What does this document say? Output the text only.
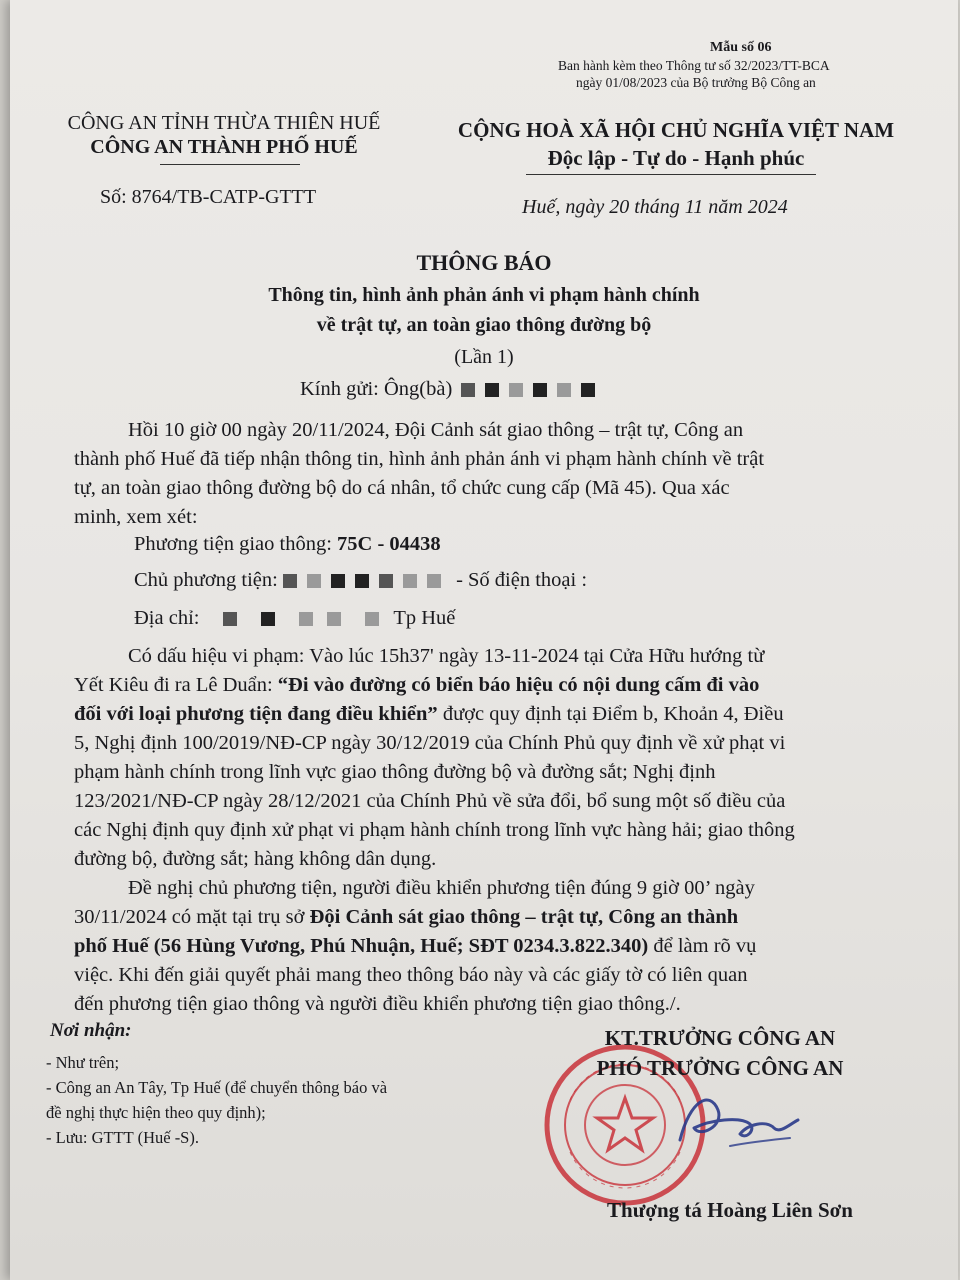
Mẫu số 06
Ban hành kèm theo Thông tư số 32/2023/TT-BCA
ngày 01/08/2023 của Bộ trưởng Bộ Công an
CÔNG AN TỈNH THỪA THIÊN HUẾ
CÔNG AN THÀNH PHỐ HUẾ
Số: 8764/TB-CATP-GTTT
CỘNG HOÀ XÃ HỘI CHỦ NGHĨA VIỆT NAM
Độc lập - Tự do - Hạnh phúc
Huế, ngày 20 tháng 11 năm 2024
THÔNG BÁO
Thông tin, hình ảnh phản ánh vi phạm hành chính
về trật tự, an toàn giao thông đường bộ
(Lần 1)
Kính gửi: Ông(bà)
Hồi 10 giờ 00 ngày 20/11/2024, Đội Cảnh sát giao thông – trật tự, Công an
thành phố Huế đã tiếp nhận thông tin, hình ảnh phản ánh vi phạm hành chính về trật
tự, an toàn giao thông đường bộ do cá nhân, tổ chức cung cấp (Mã 45). Qua xác
minh, xem xét:
Phương tiện giao thông: 75C - 04438
Chủ phương tiện:	- Số điện thoại :
Địa chỉ:	Tp Huế
Có dấu hiệu vi phạm: Vào lúc 15h37' ngày 13-11-2024 tại Cửa Hữu hướng từ
Yết Kiêu đi ra Lê Duẩn: “Đi vào đường có biển báo hiệu có nội dung cấm đi vào
đối với loại phương tiện đang điều khiển” được quy định tại Điểm b, Khoản 4, Điều
5, Nghị định 100/2019/NĐ-CP ngày 30/12/2019 của Chính Phủ quy định về xử phạt vi
phạm hành chính trong lĩnh vực giao thông đường bộ và đường sắt; Nghị định
123/2021/NĐ-CP ngày 28/12/2021 của Chính Phủ về sửa đổi, bổ sung một số điều của
các Nghị định quy định xử phạt vi phạm hành chính trong lĩnh vực hàng hải; giao thông
đường bộ, đường sắt; hàng không dân dụng.
Đề nghị chủ phương tiện, người điều khiển phương tiện đúng 9 giờ 00’ ngày
30/11/2024 có mặt tại trụ sở Đội Cảnh sát giao thông – trật tự, Công an thành
phố Huế (56 Hùng Vương, Phú Nhuận, Huế; SĐT 0234.3.822.340) để làm rõ vụ
việc. Khi đến giải quyết phải mang theo thông báo này và các giấy tờ có liên quan
đến phương tiện giao thông và người điều khiển phương tiện giao thông./.
Nơi nhận:
- Như trên;
- Công an An Tây, Tp Huế (để chuyển thông báo và
đề nghị thực hiện theo quy định);
- Lưu: GTTT (Huế -S).
KT.TRƯỞNG CÔNG AN
PHÓ TRƯỞNG CÔNG AN
Thượng tá Hoàng Liên Sơn
